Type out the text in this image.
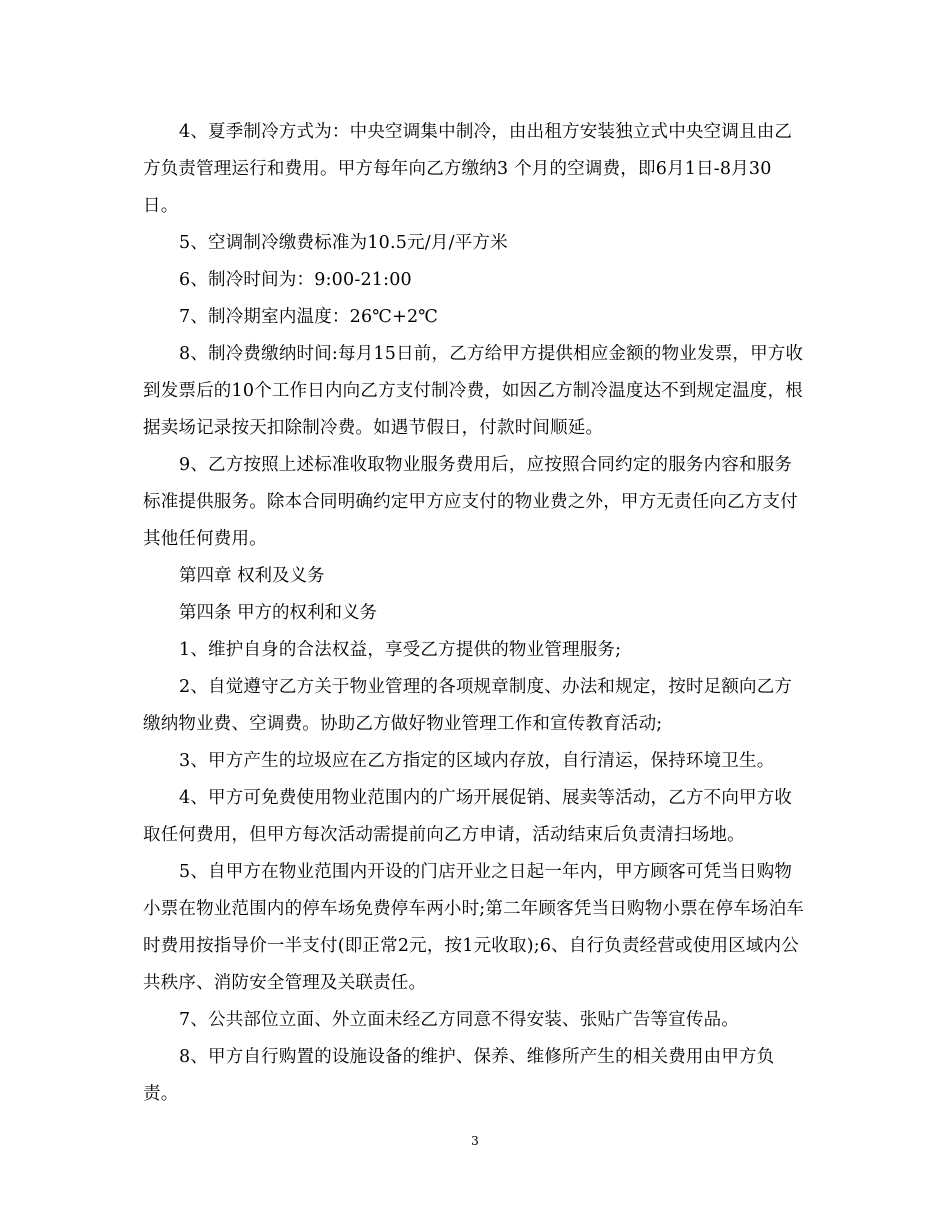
4、夏季制冷方式为：中央空调集中制冷，由出租方安装独立式中央空调且由乙方负责管理运行和费用。甲方每年向乙方缴纳3 个月的空调费，即6月1日-8月30日。

5、空调制冷缴费标准为10.5元/月/平方米

6、制冷时间为：9:00-21:00

7、制冷期室内温度：26℃+2℃

8、制冷费缴纳时间:每月15日前，乙方给甲方提供相应金额的物业发票，甲方收到发票后的10个工作日内向乙方支付制冷费，如因乙方制冷温度达不到规定温度，根据卖场记录按天扣除制冷费。如遇节假日，付款时间顺延。

9、乙方按照上述标准收取物业服务费用后，应按照合同约定的服务内容和服务标准提供服务。除本合同明确约定甲方应支付的物业费之外，甲方无责任向乙方支付其他任何费用。

第四章 权利及义务

第四条 甲方的权利和义务

1、维护自身的合法权益，享受乙方提供的物业管理服务;

2、自觉遵守乙方关于物业管理的各项规章制度、办法和规定，按时足额向乙方缴纳物业费、空调费。协助乙方做好物业管理工作和宣传教育活动;

3、甲方产生的垃圾应在乙方指定的区域内存放，自行清运，保持环境卫生。

4、甲方可免费使用物业范围内的广场开展促销、展卖等活动，乙方不向甲方收取任何费用，但甲方每次活动需提前向乙方申请，活动结束后负责清扫场地。

5、自甲方在物业范围内开设的门店开业之日起一年内，甲方顾客可凭当日购物小票在物业范围内的停车场免费停车两小时;第二年顾客凭当日购物小票在停车场泊车时费用按指导价一半支付(即正常2元，按1元收取);6、自行负责经营或使用区域内公共秩序、消防安全管理及关联责任。

7、公共部位立面、外立面未经乙方同意不得安装、张贴广告等宣传品。

8、甲方自行购置的设施设备的维护、保养、维修所产生的相关费用由甲方负责。

3
